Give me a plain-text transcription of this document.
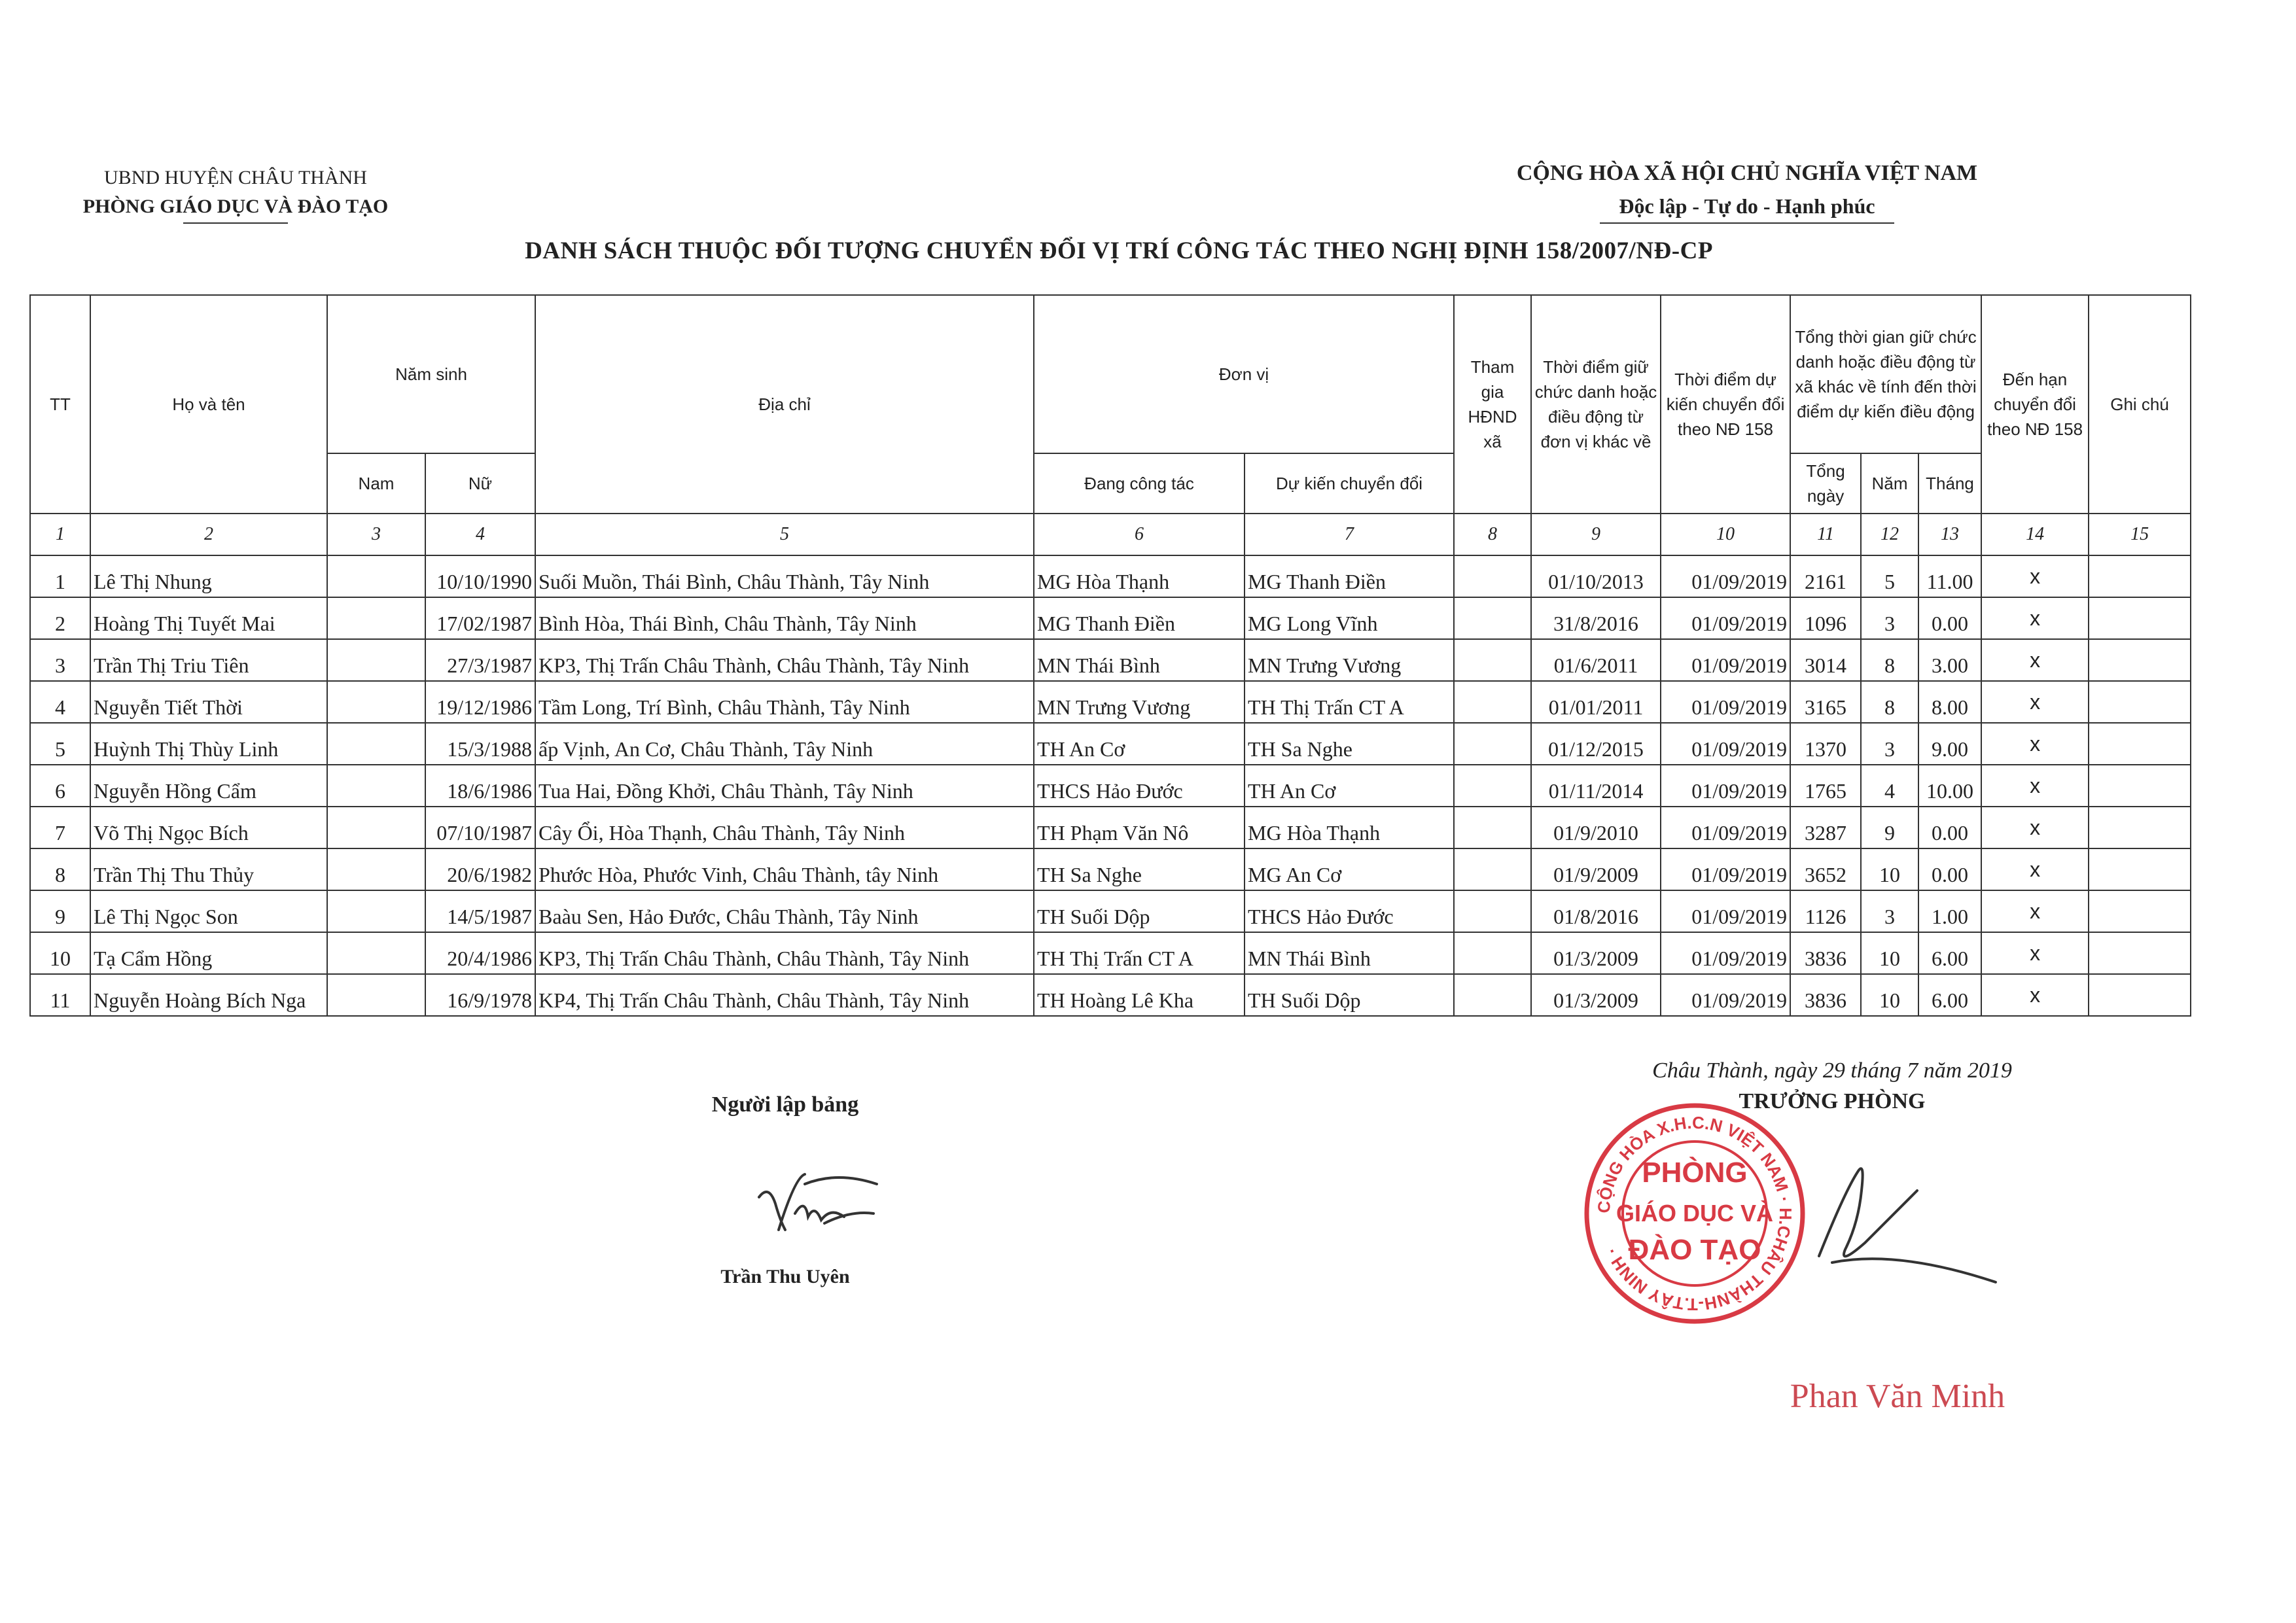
UBND HUYỆN CHÂU THÀNH
PHÒNG GIÁO DỤC VÀ ĐÀO TẠO
CỘNG HÒA XÃ HỘI CHỦ NGHĨA VIỆT NAM
Độc lập - Tự do - Hạnh phúc
DANH SÁCH THUỘC ĐỐI TƯỢNG CHUYỂN ĐỔI VỊ TRÍ CÔNG TÁC THEO NGHỊ ĐỊNH 158/2007/NĐ-CP
TT	Họ và tên	Năm sinh		Địa chỉ	Đơn vị		Tham gia HĐND xã	Thời điểm giữ chức danh hoặc điều động từ đơn vị khác về	Thời điểm dự kiến chuyển đổi theo NĐ 158	Tổng thời gian giữ chức danh hoặc điều động từ xã khác về tính đến thời điểm dự kiến điều động			Đến hạn chuyển đổi theo NĐ 158	Ghi chú
		Nam	Nữ		Đang công tác	Dự kiến chuyển đổi				Tổng ngày	Năm	Tháng		
1	2	3	4	5	6	7	8	9	10	11	12	13	14	15
1	Lê Thị Nhung		10/10/1990	Suối Muồn, Thái Bình, Châu Thành, Tây Ninh	MG Hòa Thạnh	MG Thanh Điền		01/10/2013	01/09/2019	2161	5	11.00	x	
2	Hoàng Thị Tuyết Mai		17/02/1987	Bình Hòa, Thái Bình, Châu Thành, Tây Ninh	MG Thanh Điền	MG Long Vĩnh		31/8/2016	01/09/2019	1096	3	0.00	x	
3	Trần Thị Triu Tiên		27/3/1987	KP3, Thị Trấn Châu Thành, Châu Thành, Tây Ninh	MN Thái Bình	MN Trưng Vương		01/6/2011	01/09/2019	3014	8	3.00	x	
4	Nguyễn Tiết Thời		19/12/1986	Tầm Long, Trí Bình, Châu Thành, Tây Ninh	MN Trưng Vương	TH Thị Trấn CT A		01/01/2011	01/09/2019	3165	8	8.00	x	
5	Huỳnh Thị Thùy Linh		15/3/1988	ấp Vịnh, An Cơ, Châu Thành, Tây Ninh	TH An Cơ	TH Sa Nghe		01/12/2015	01/09/2019	1370	3	9.00	x	
6	Nguyễn Hồng Cẩm		18/6/1986	Tua Hai, Đồng Khởi, Châu Thành, Tây Ninh	THCS Hảo Đước	TH An Cơ		01/11/2014	01/09/2019	1765	4	10.00	x	
7	Võ Thị Ngọc Bích		07/10/1987	Cây Ổi, Hòa Thạnh, Châu Thành, Tây Ninh	TH Phạm Văn Nô	MG Hòa Thạnh		01/9/2010	01/09/2019	3287	9	0.00	x	
8	Trần Thị Thu Thủy		20/6/1982	Phước Hòa, Phước Vinh, Châu Thành, tây Ninh	TH Sa Nghe	MG An Cơ		01/9/2009	01/09/2019	3652	10	0.00	x	
9	Lê Thị Ngọc Son		14/5/1987	Baàu Sen, Hảo Đước, Châu Thành, Tây Ninh	TH Suối Dộp	THCS Hảo Đước		01/8/2016	01/09/2019	1126	3	1.00	x	
10	Tạ Cẩm Hồng		20/4/1986	KP3, Thị Trấn Châu Thành, Châu Thành, Tây Ninh	TH Thị Trấn CT A	MN Thái Bình		01/3/2009	01/09/2019	3836	10	6.00	x	
11	Nguyễn Hoàng Bích Nga		16/9/1978	KP4, Thị Trấn Châu Thành, Châu Thành, Tây Ninh	TH Hoàng Lê Kha	TH Suối Dộp		01/3/2009	01/09/2019	3836	10	6.00	x	
Người lập bảng
Trần Thu Uyên
Châu Thành, ngày 29 tháng 7 năm 2019
TRƯỞNG PHÒNG
CỘNG HÒA X.H.C.N VIỆT NAM · H.CHÂU THÀNH-T.TÂY NINH ·
PHÒNG
GIÁO DỤC VÀ
ĐÀO TẠO
Phan Văn Minh
